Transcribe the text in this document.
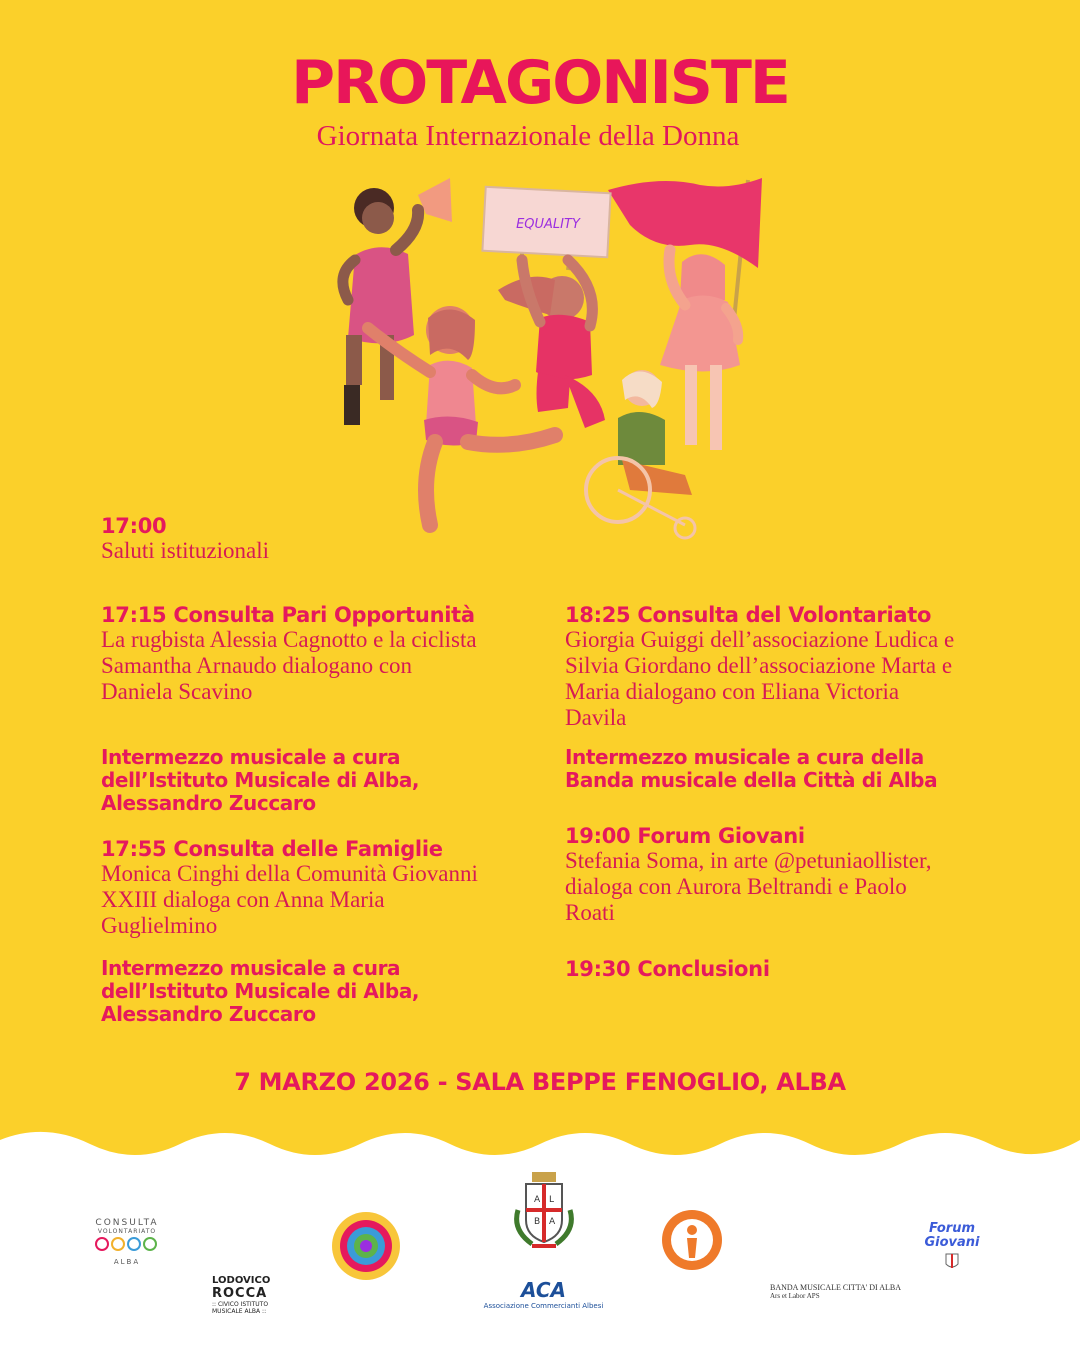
PROTAGONISTE
Giornata Internazionale della Donna
EQUALITY
17:00
Saluti istituzionali
17:15 Consulta Pari Opportunità
La rugbista Alessia Cagnotto e la ciclista
Samantha Arnaudo dialogano con
Daniela Scavino
Intermezzo musicale a cura
dell’Istituto Musicale di Alba,
Alessandro Zuccaro
17:55 Consulta delle Famiglie
Monica Cinghi della Comunità Giovanni
XXIII dialoga con Anna Maria
Guglielmino
Intermezzo musicale a cura
dell’Istituto Musicale di Alba,
Alessandro Zuccaro
18:25 Consulta del Volontariato
Giorgia Guiggi dell’associazione Ludica e
Silvia Giordano dell’associazione Marta e
Maria dialogano con Eliana Victoria
Davila
Intermezzo musicale a cura della
Banda musicale della Città di Alba
19:00 Forum Giovani
Stefania Soma, in arte @petuniaollister,
dialoga con Aurora Beltrandi e Paolo
Roati
19:30 Conclusioni
7 MARZO 2026 - SALA BEPPE FENOGLIO, ALBA
CONSULTA
VOLONTARIATO
ALBA
LODOVICO
ROCCA
:: CIVICO ISTITUTO
MUSICALE ALBA ::
A L
B A
ACA
Associazione Commercianti Albesi
Forum Giovani
BANDA MUSICALE CITTA' DI ALBA
Ars et Labor APS
